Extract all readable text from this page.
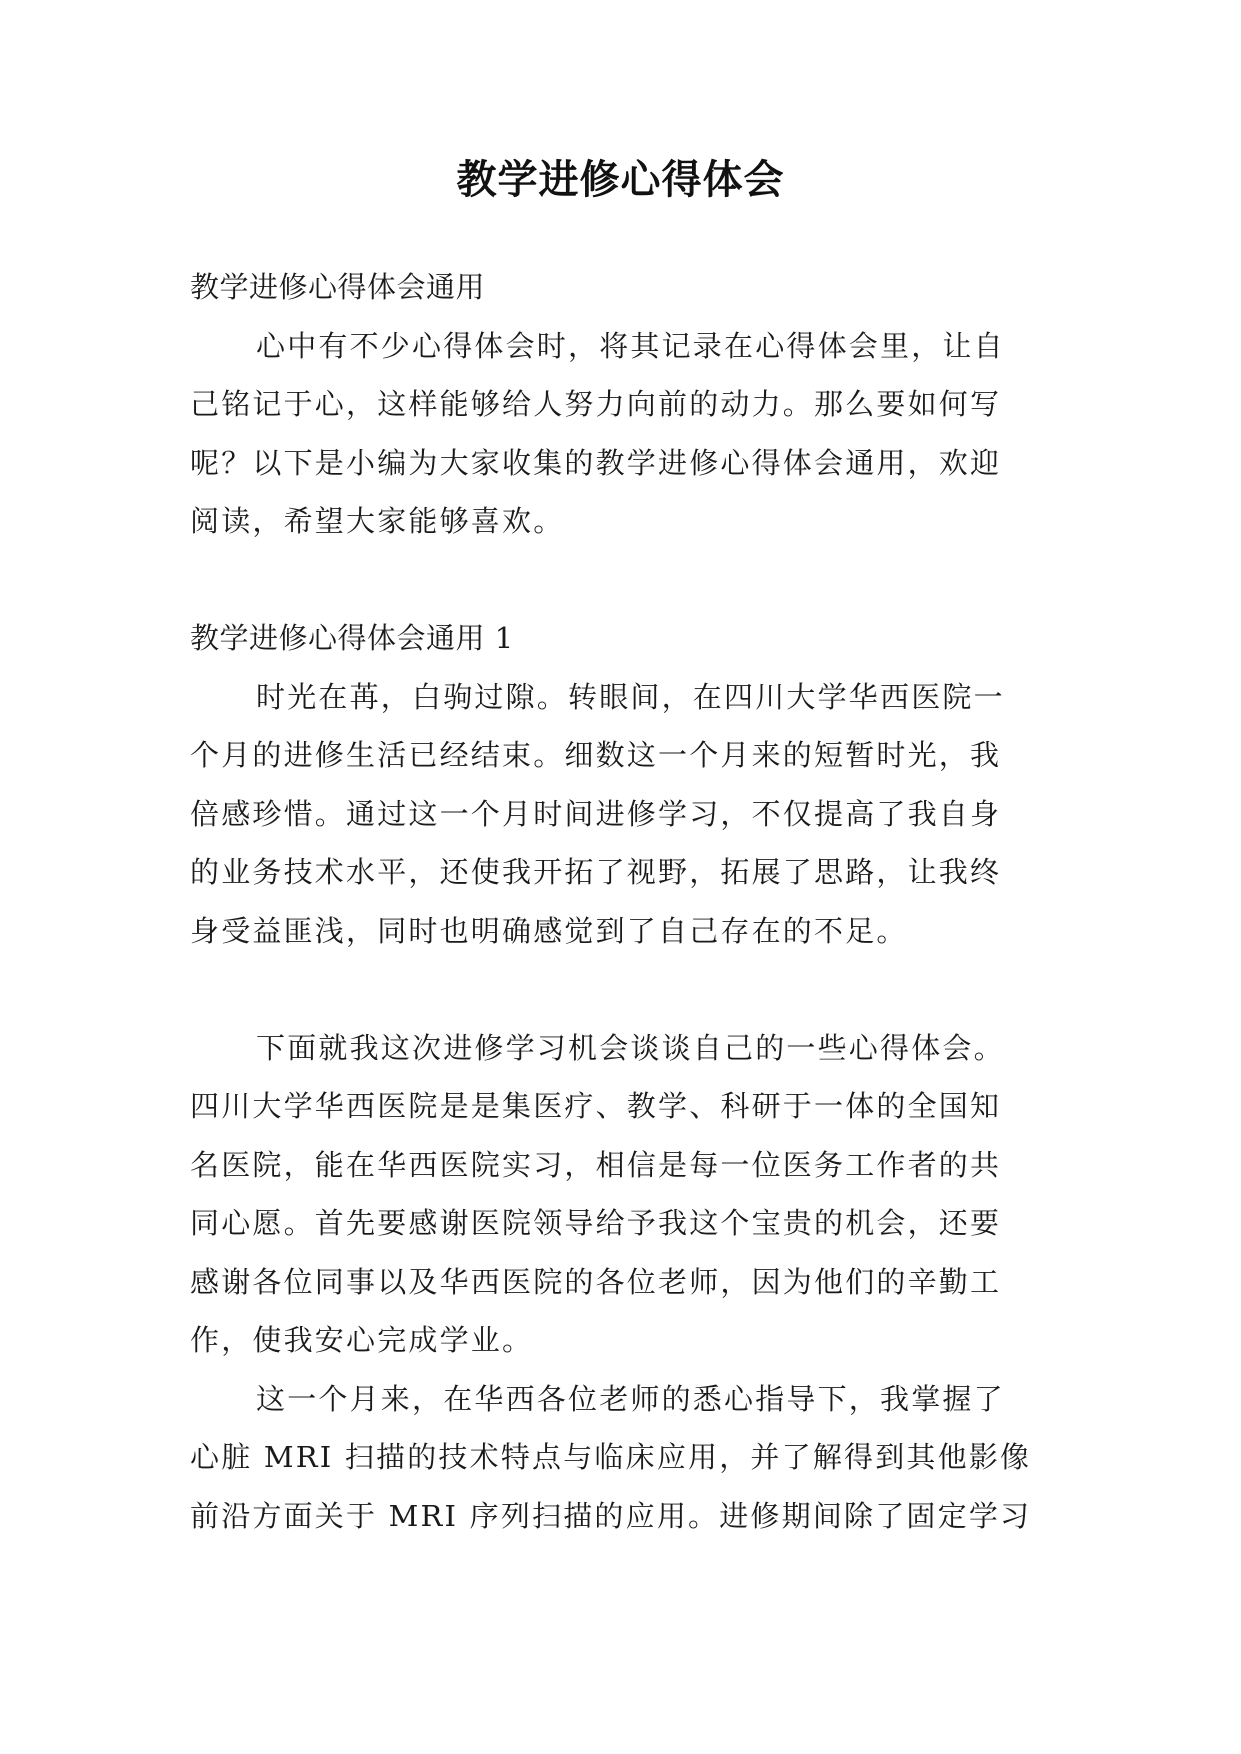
教学进修心得体会
教学进修心得体会通用
心中有不少心得体会时，将其记录在心得体会里，让自
己铭记于心，这样能够给人努力向前的动力。那么要如何写
呢？以下是小编为大家收集的教学进修心得体会通用，欢迎
阅读，希望大家能够喜欢。
教学进修心得体会通用 1
时光在苒，白驹过隙。转眼间，在四川大学华西医院一
个月的进修生活已经结束。细数这一个月来的短暂时光，我
倍感珍惜。通过这一个月时间进修学习，不仅提高了我自身
的业务技术水平，还使我开拓了视野，拓展了思路，让我终
身受益匪浅，同时也明确感觉到了自己存在的不足。
下面就我这次进修学习机会谈谈自己的一些心得体会。
四川大学华西医院是是集医疗、教学、科研于一体的全国知
名医院，能在华西医院实习，相信是每一位医务工作者的共
同心愿。首先要感谢医院领导给予我这个宝贵的机会，还要
感谢各位同事以及华西医院的各位老师，因为他们的辛勤工
作，使我安心完成学业。
这一个月来，在华西各位老师的悉心指导下，我掌握了
心脏 MRI 扫描的技术特点与临床应用，并了解得到其他影像
前沿方面关于 MRI 序列扫描的应用。进修期间除了固定学习
